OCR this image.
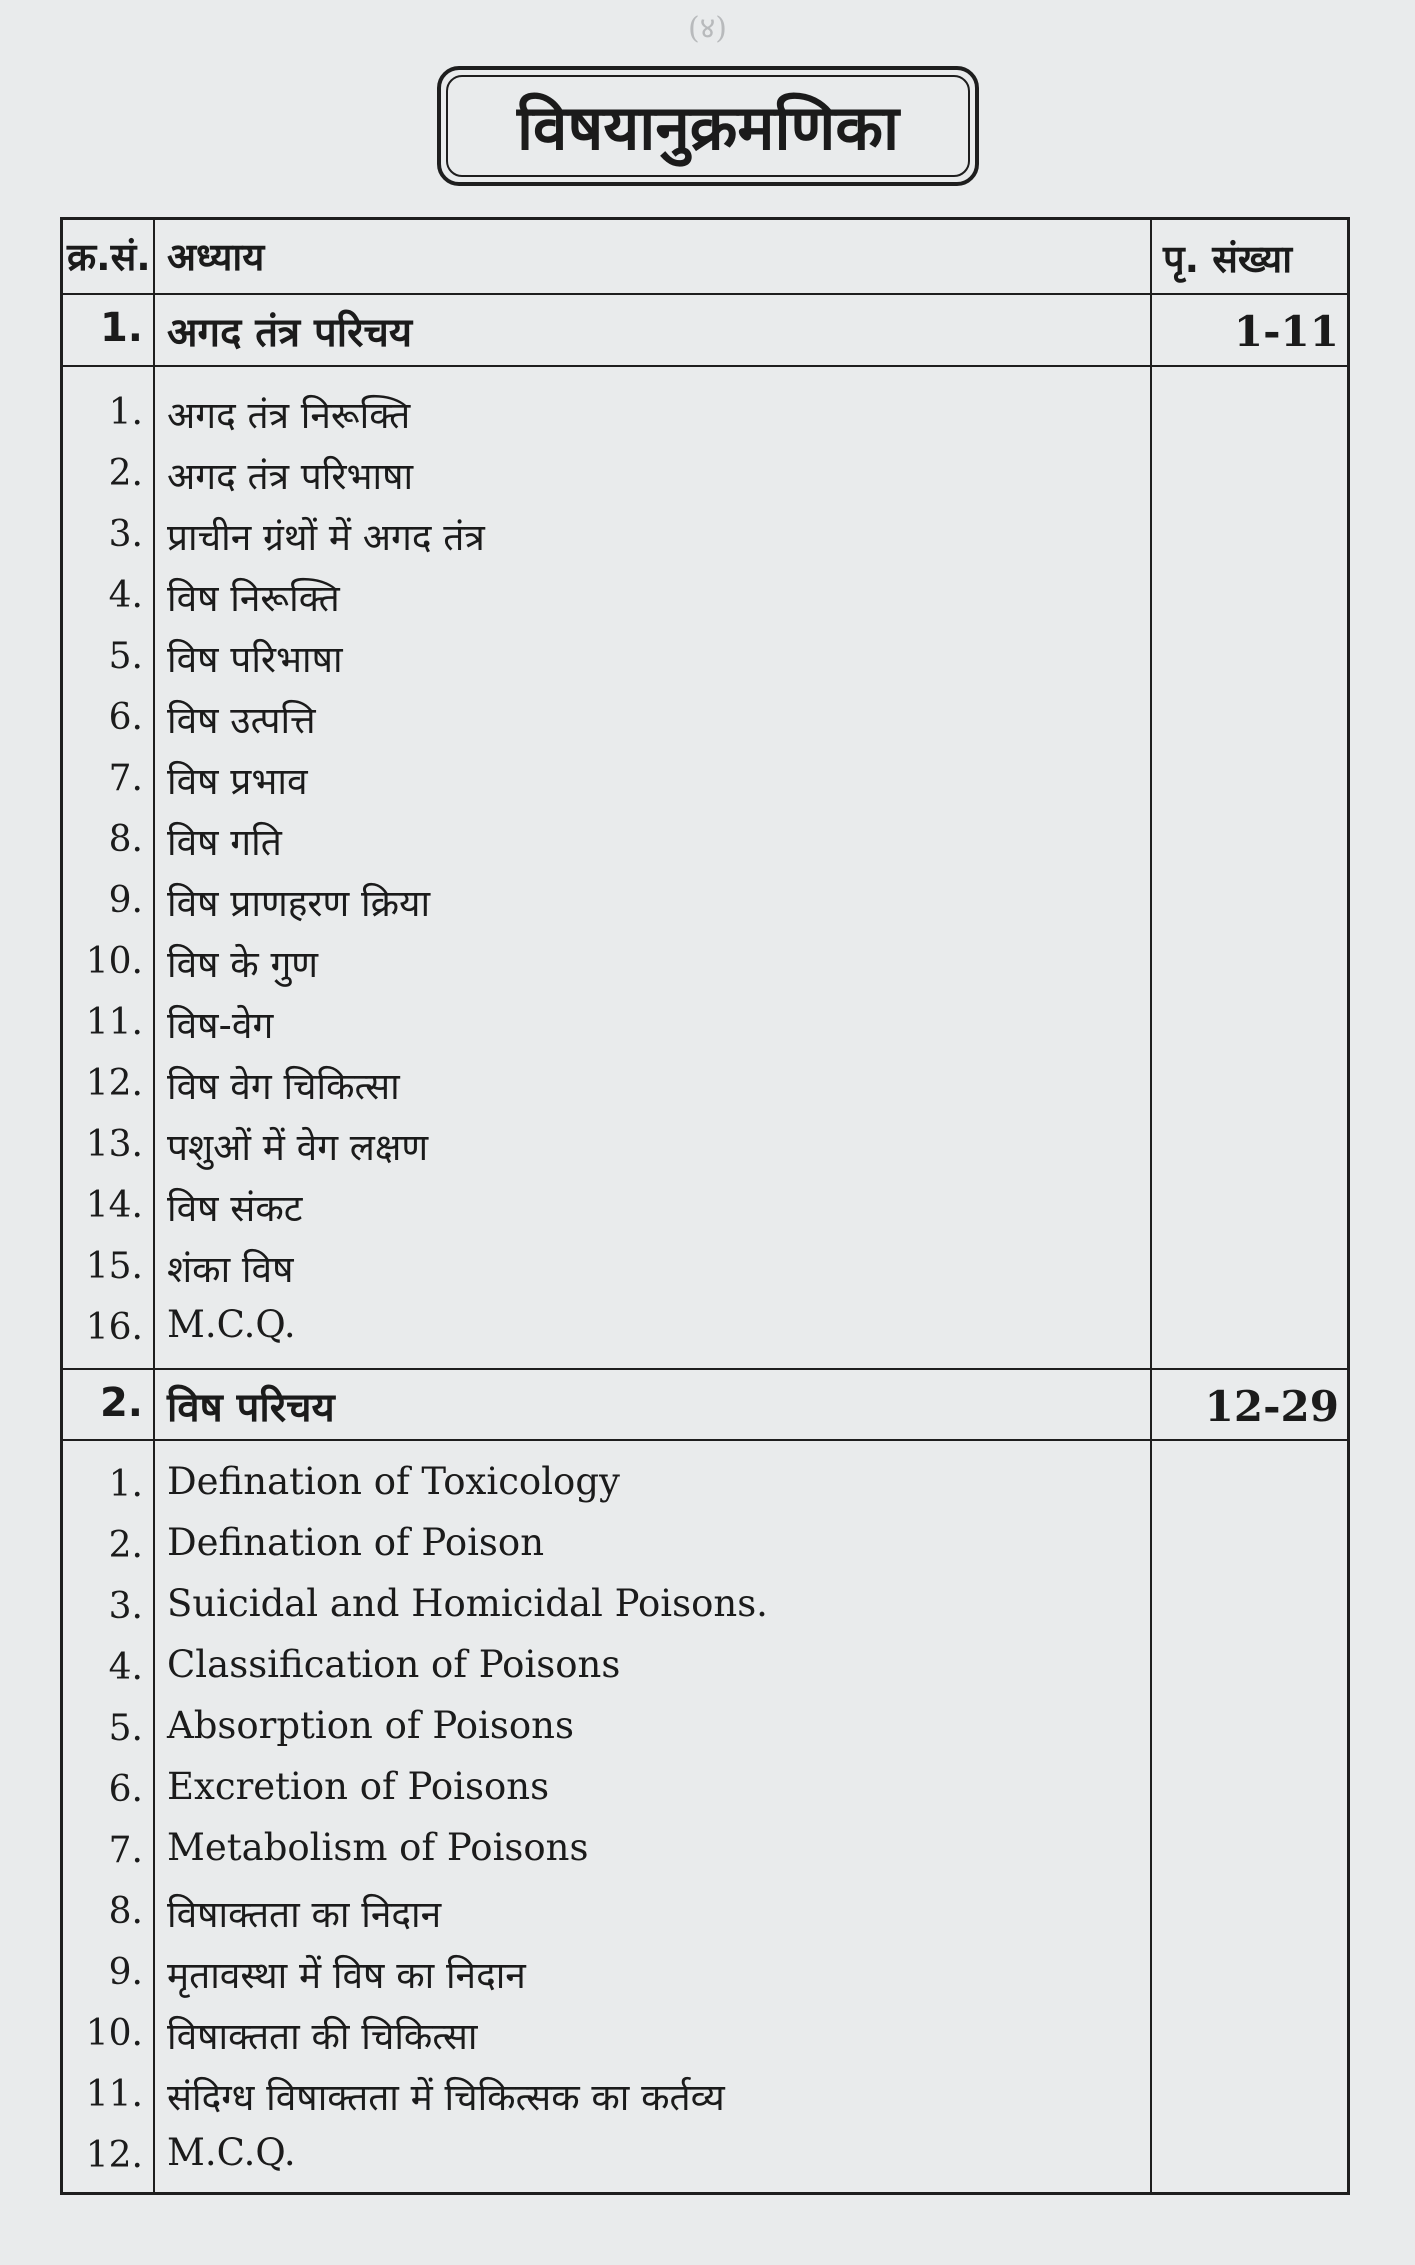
(४)
विषयानुक्रमणिका
क्र.सं. अध्याय	पृ. संख्या
1. अगद तंत्र परिचय	1-11
1. अगद तंत्र निरूक्ति
2. अगद तंत्र परिभाषा
3. प्राचीन ग्रंथों में अगद तंत्र
4. विष निरूक्ति
5. विष परिभाषा
6. विष उत्पत्ति
7. विष प्रभाव
8. विष गति
9. विष प्राणहरण क्रिया
10. विष के गुण
11. विष-वेग
12. विष वेग चिकित्सा
13. पशुओं में वेग लक्षण
14. विष संकट
15. शंका विष
16. M.C.Q.
2. विष परिचय	12-29
1. Defination of Toxicology
2. Defination of Poison
3. Suicidal and Homicidal Poisons.
4. Classification of Poisons
5. Absorption of Poisons
6. Excretion of Poisons
7. Metabolism of Poisons
8. विषाक्तता का निदान
9. मृतावस्था में विष का निदान
10. विषाक्तता की चिकित्सा
11. संदिग्ध विषाक्तता में चिकित्सक का कर्तव्य
12. M.C.Q.
